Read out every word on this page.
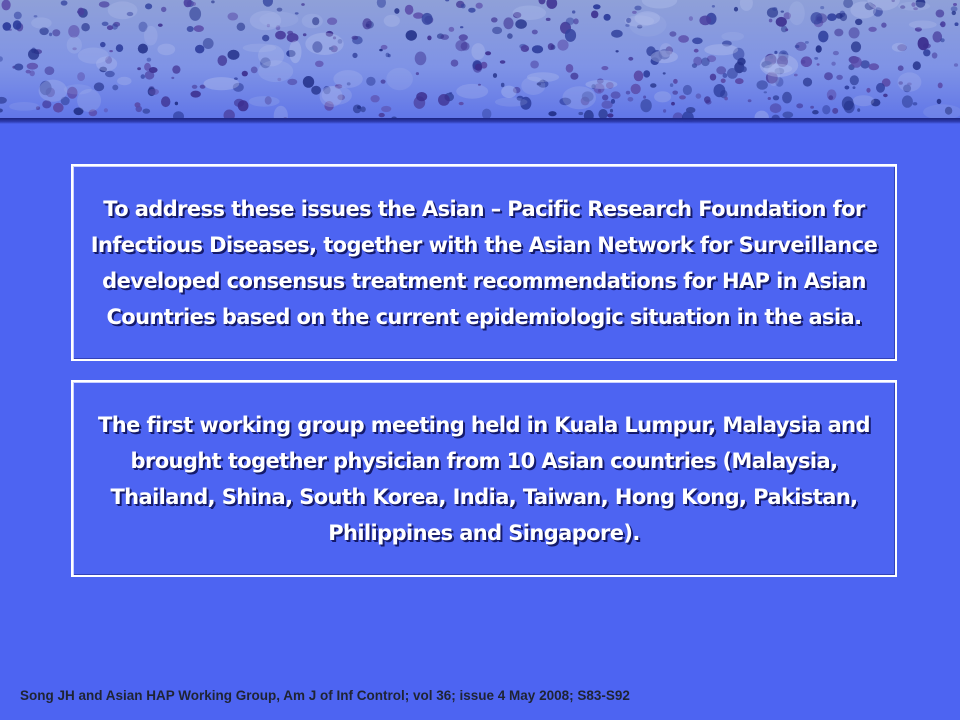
To address these issues the Asian – Pacific Research Foundation for Infectious Diseases, together with the Asian Network for Surveillance developed consensus treatment recommendations for HAP in Asian Countries based on the current epidemiologic situation in the asia.

The first working group meeting held in Kuala Lumpur, Malaysia and brought together physician from 10 Asian countries (Malaysia, Thailand, Shina, South Korea, India, Taiwan, Hong Kong, Pakistan, Philippines and Singapore).

Song JH and Asian HAP Working Group, Am J of Inf Control; vol 36; issue 4 May 2008; S83-S92
